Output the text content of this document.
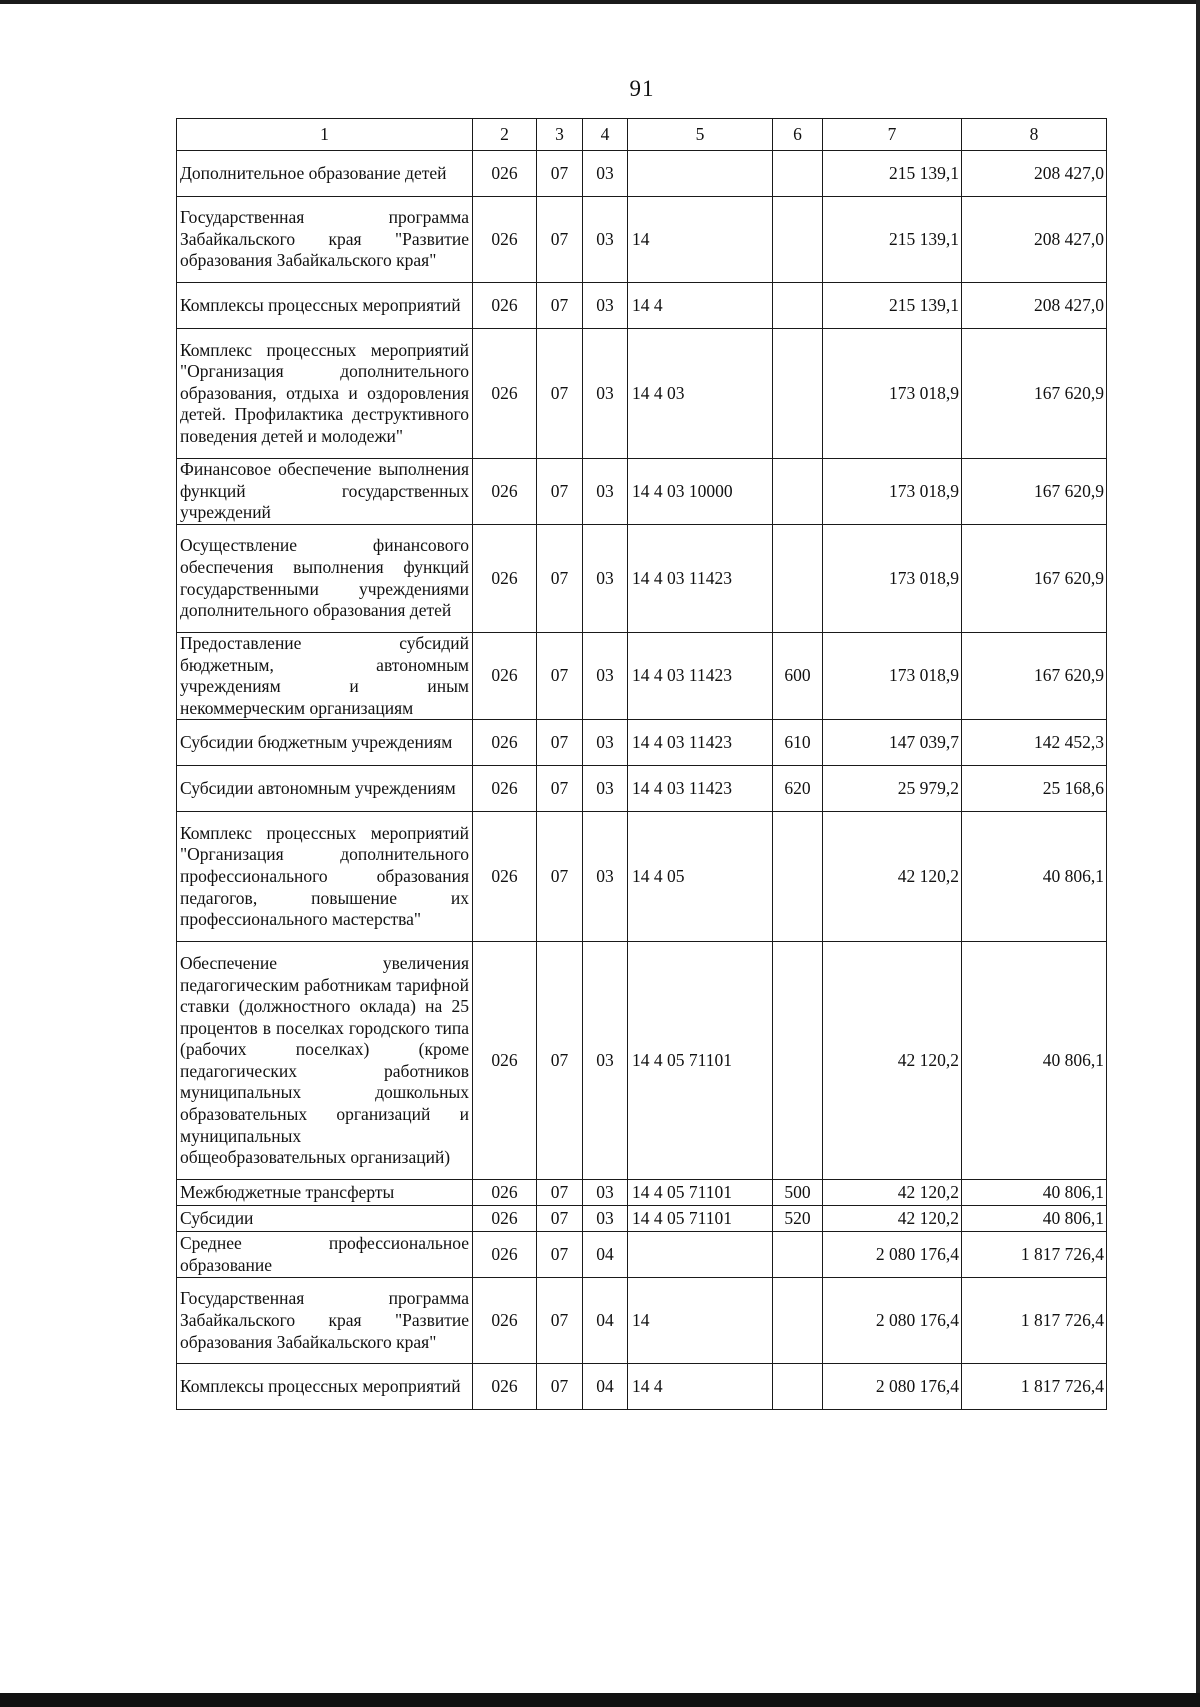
91
1	2	3	4	5	6	7	8
Дополнительное образование детей	026	07	03			215 139,1	208 427,0
Государственная программа Забайкальского края "Развитие образования Забайкальского края"	026	07	03	14		215 139,1	208 427,0
Комплексы процессных мероприятий	026	07	03	14 4		215 139,1	208 427,0
Комплекс процессных мероприятий "Организация дополнительного образования, отдыха и оздоровления детей. Профилактика деструктивного поведения детей и молодежи"	026	07	03	14 4 03		173 018,9	167 620,9
Финансовое обеспечение выполнения функций государственных учреждений	026	07	03	14 4 03 10000		173 018,9	167 620,9
Осуществление финансового обеспечения выполнения функций государственными учреждениями дополнительного образования детей	026	07	03	14 4 03 11423		173 018,9	167 620,9
Предоставление субсидий бюджетным, автономным учреждениям и иным некоммерческим организациям	026	07	03	14 4 03 11423	600	173 018,9	167 620,9
Субсидии бюджетным учреждениям	026	07	03	14 4 03 11423	610	147 039,7	142 452,3
Субсидии автономным учреждениям	026	07	03	14 4 03 11423	620	25 979,2	25 168,6
Комплекс процессных мероприятий "Организация дополнительного профессионального образования педагогов, повышение их профессионального мастерства"	026	07	03	14 4 05		42 120,2	40 806,1
Обеспечение увеличения педагогическим работникам тарифной ставки (должностного оклада) на 25 процентов в поселках городского типа (рабочих поселках) (кроме педагогических работников муниципальных дошкольных образовательных организаций и муниципальных общеобразовательных организаций)	026	07	03	14 4 05 71101		42 120,2	40 806,1
Межбюджетные трансферты	026	07	03	14 4 05 71101	500	42 120,2	40 806,1
Субсидии	026	07	03	14 4 05 71101	520	42 120,2	40 806,1
Среднее профессиональное образование	026	07	04			2 080 176,4	1 817 726,4
Государственная программа Забайкальского края "Развитие образования Забайкальского края"	026	07	04	14		2 080 176,4	1 817 726,4
Комплексы процессных мероприятий	026	07	04	14 4		2 080 176,4	1 817 726,4
